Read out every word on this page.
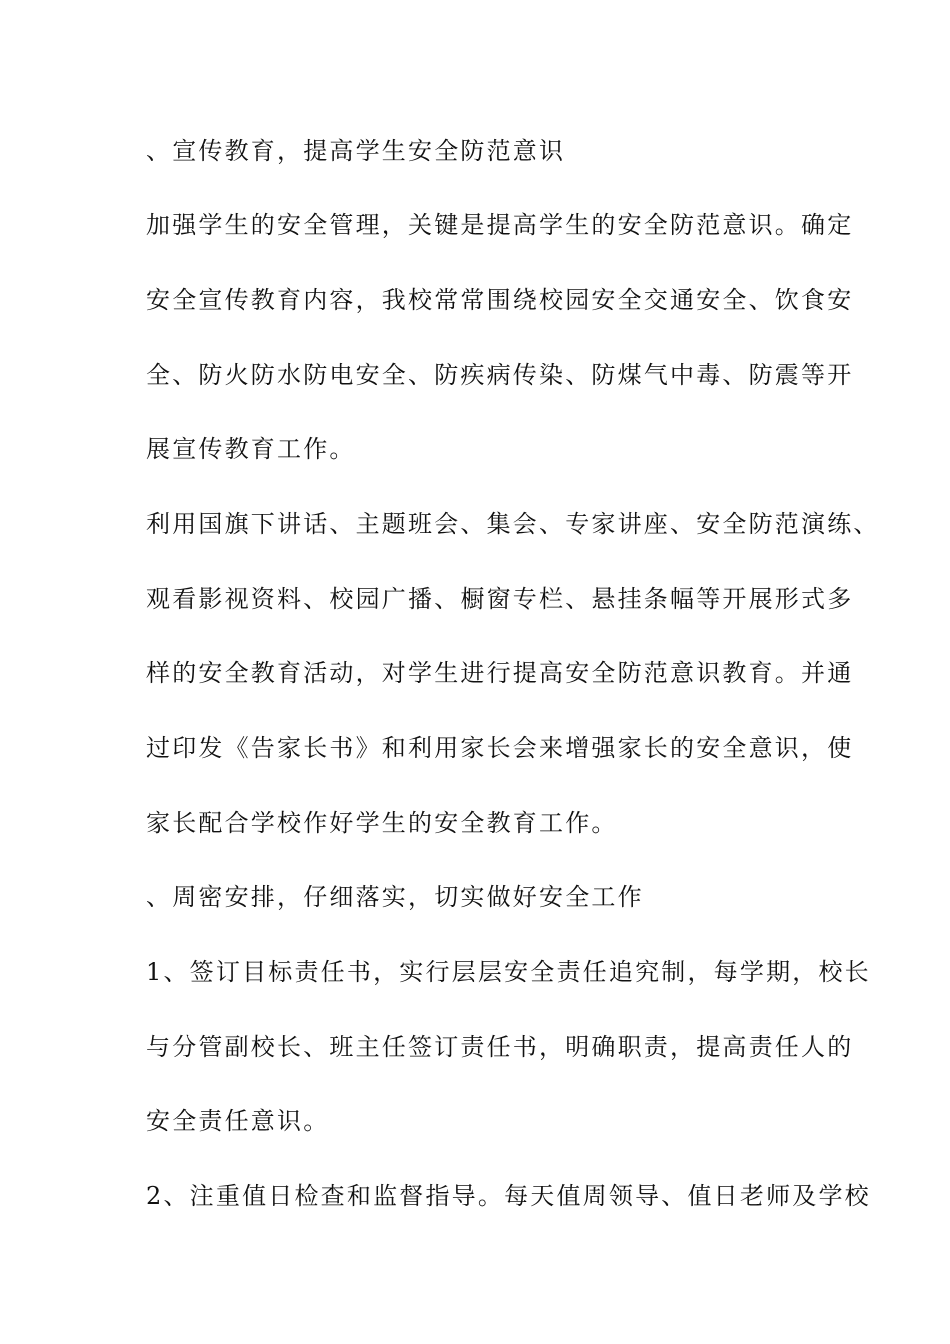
、宣传教育，提高学生安全防范意识
加强学生的安全管理，关键是提高学生的安全防范意识。确定
安全宣传教育内容，我校常常围绕校园安全交通安全、饮食安
全、防火防水防电安全、防疾病传染、防煤气中毒、防震等开
展宣传教育工作。
利用国旗下讲话、主题班会、集会、专家讲座、安全防范演练、
观看影视资料、校园广播、橱窗专栏、悬挂条幅等开展形式多
样的安全教育活动，对学生进行提高安全防范意识教育。并通
过印发《告家长书》和利用家长会来增强家长的安全意识，使
家长配合学校作好学生的安全教育工作。
、周密安排，仔细落实，切实做好安全工作
1、签订目标责任书，实行层层安全责任追究制，每学期，校长
与分管副校长、班主任签订责任书，明确职责，提高责任人的
安全责任意识。
2、注重值日检查和监督指导。每天值周领导、值日老师及学校
